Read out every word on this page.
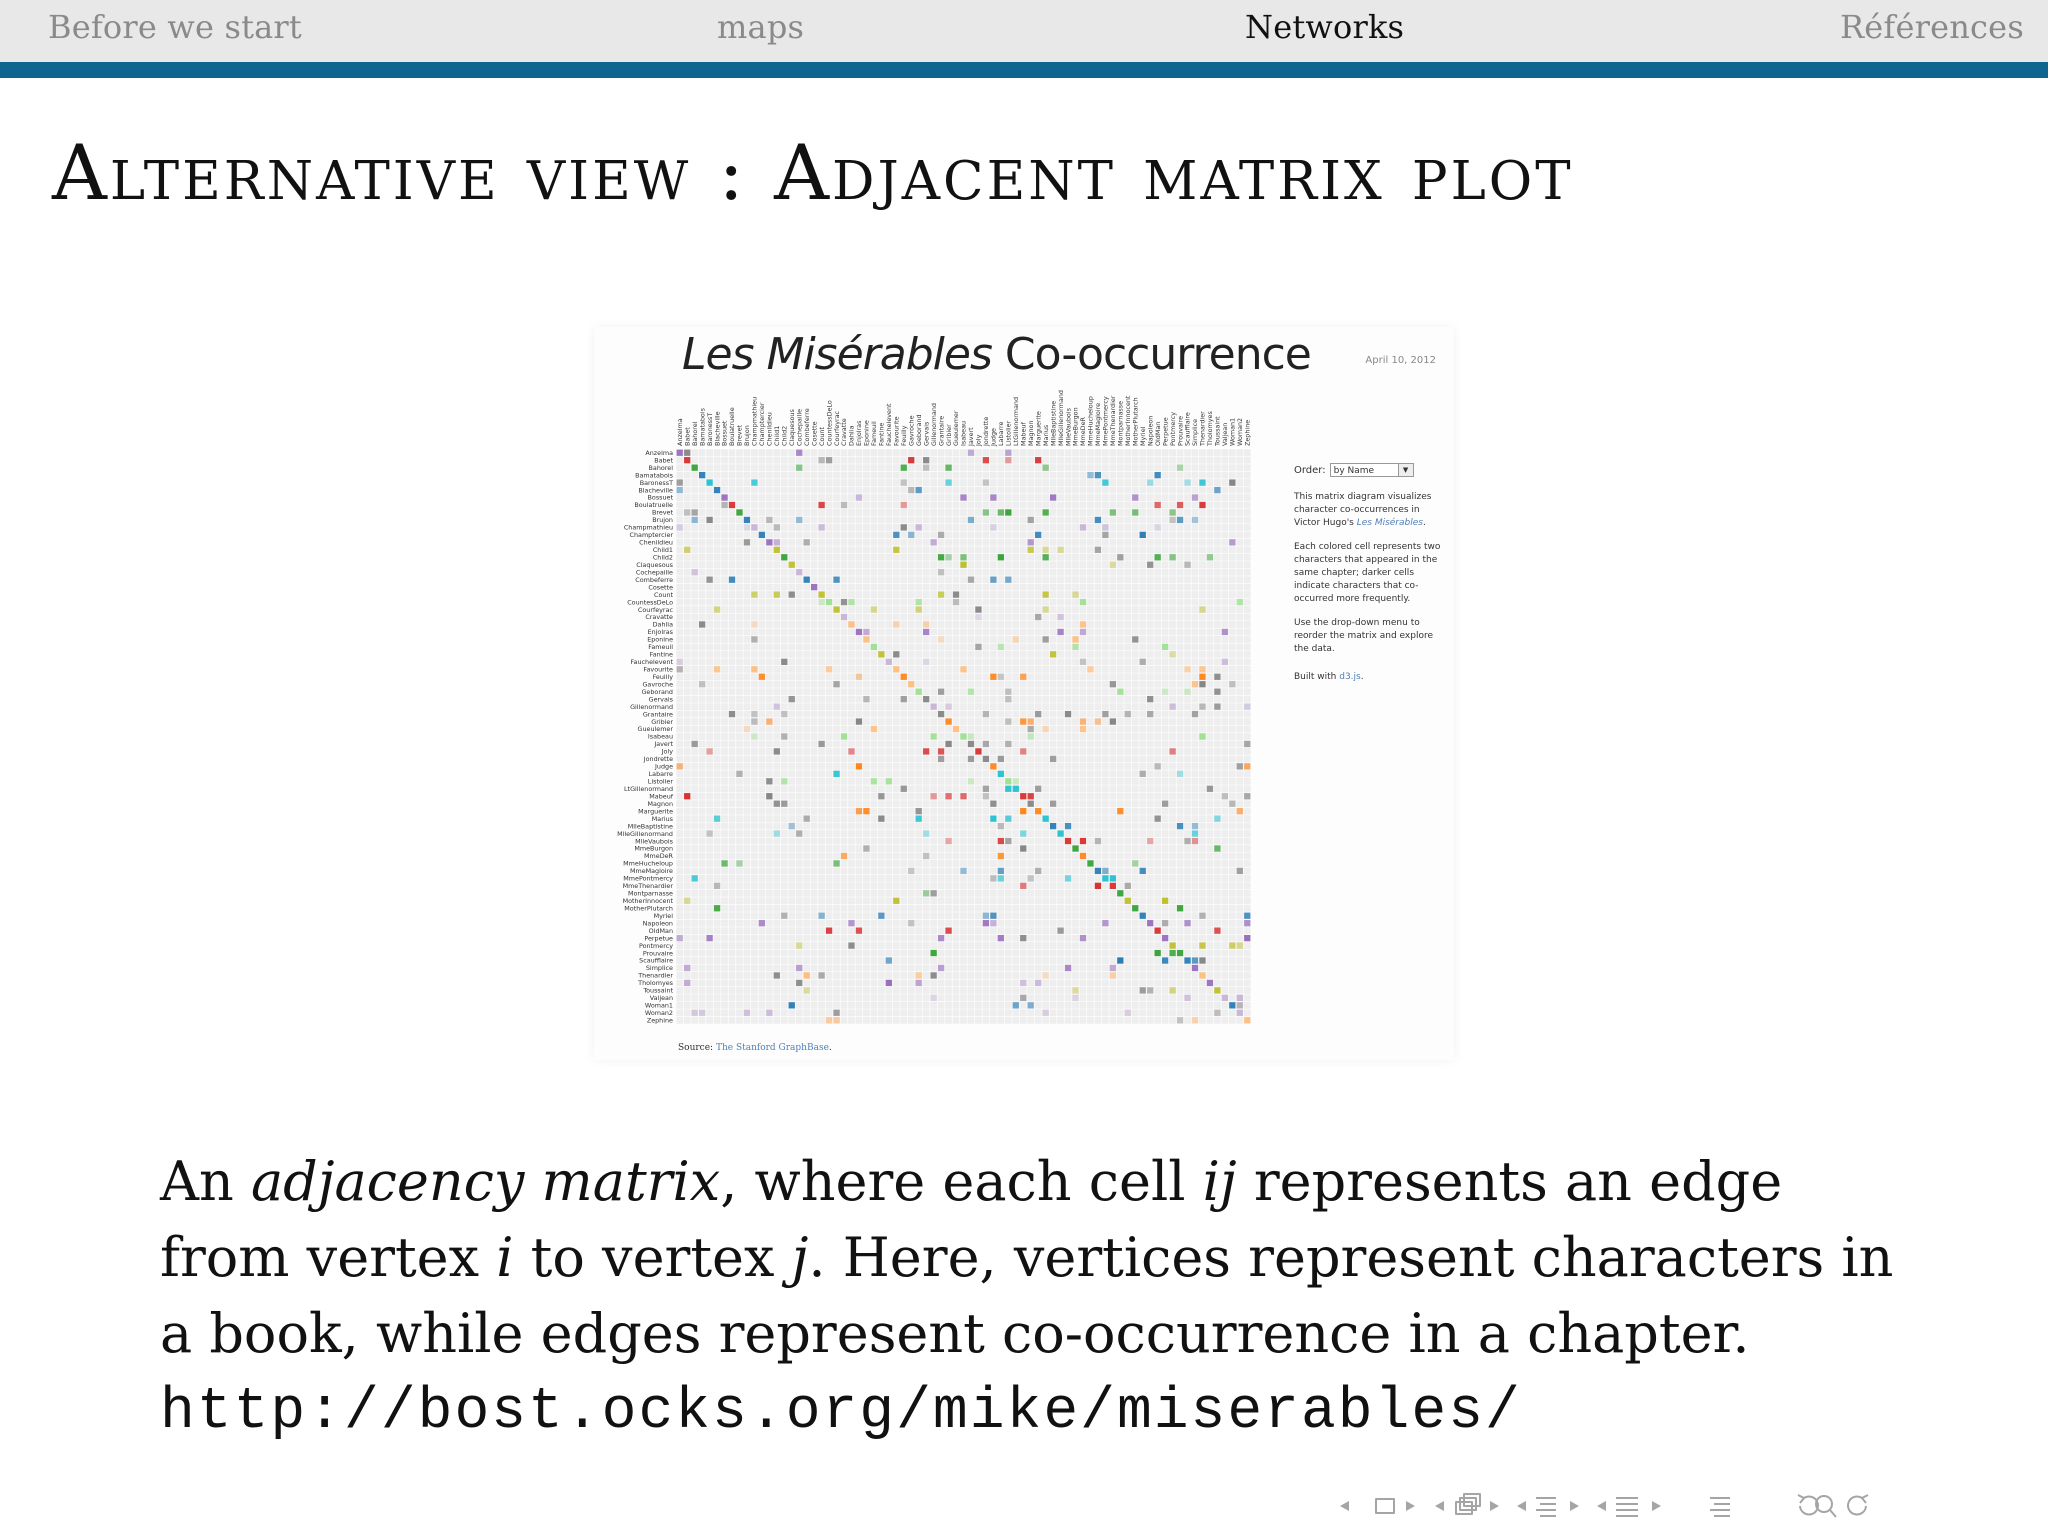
Before we start	maps	Networks	Références
Alternative view : Adjacent matrix plot
Les Misérables Co-occurrence	April 10, 2012
Anzelma
Anzelma
Babet
Babet
Bahorel
Bahorel
Bamatabois
Bamatabois
BaronessT
BaronessT
Blacheville
Blacheville
Bossuet
Bossuet
Boulatruelle
Boulatruelle
Brevet
Brevet
Brujon
Brujon
Champmathieu
Champmathieu
Champtercier
Champtercier
Chenildieu
Chenildieu
Child1
Child1
Child2
Child2
Claquesous
Claquesous
Cochepaille
Cochepaille
Combeferre
Combeferre
Cosette
Cosette
Count
Count
CountessDeLo
CountessDeLo
Courfeyrac
Courfeyrac
Cravatte
Cravatte
Dahlia
Dahlia
Enjolras
Enjolras
Eponine
Eponine
Fameuil
Fameuil
Fantine
Fantine
Fauchelevent
Fauchelevent
Favourite
Favourite
Feuilly
Feuilly
Gavroche
Gavroche
Geborand
Geborand
Gervais
Gervais
Gillenormand
Gillenormand
Grantaire
Grantaire
Gribier
Gribier
Gueulemer
Gueulemer
Isabeau
Isabeau
Javert
Javert
Joly
Joly
Jondrette
Jondrette
Judge
Judge
Labarre
Labarre
Listolier
Listolier
LtGillenormand
LtGillenormand
Mabeuf
Mabeuf
Magnon
Magnon
Marguerite
Marguerite
Marius
Marius
MlleBaptistine
MlleBaptistine
MlleGillenormand
MlleGillenormand
MlleVaubois
MlleVaubois
MmeBurgon
MmeBurgon
MmeDeR
MmeDeR
MmeHucheloup
MmeHucheloup
MmeMagloire
MmeMagloire
MmePontmercy
MmePontmercy
MmeThenardier
MmeThenardier
Montparnasse
Montparnasse
MotherInnocent
MotherInnocent
MotherPlutarch
MotherPlutarch
Myriel
Myriel
Napoleon
Napoleon
OldMan
OldMan
Perpetue
Perpetue
Pontmercy
Pontmercy
Prouvaire
Prouvaire
Scaufflaire
Scaufflaire
Simplice
Simplice
Thenardier
Thenardier
Tholomyes
Tholomyes
Toussaint
Toussaint
Valjean
Valjean
Woman1
Woman1
Woman2
Woman2
Zephine
Zephine
Order: by Name	▼
This matrix diagram visualizes character co-occurrences in Victor Hugo's Les Misérables.
Each colored cell represents two characters that appeared in the same chapter; darker cells indicate characters that co-occurred more frequently.
Use the drop-down menu to reorder the matrix and explore the data.
Built with d3.js.
Source: The Stanford GraphBase.
An adjacency matrix, where each cell ij represents an edge from vertex i to vertex j. Here, vertices represent characters in a book, while edges represent co-occurrence in a chapter.
http://bost.ocks.org/mike/miserables/
